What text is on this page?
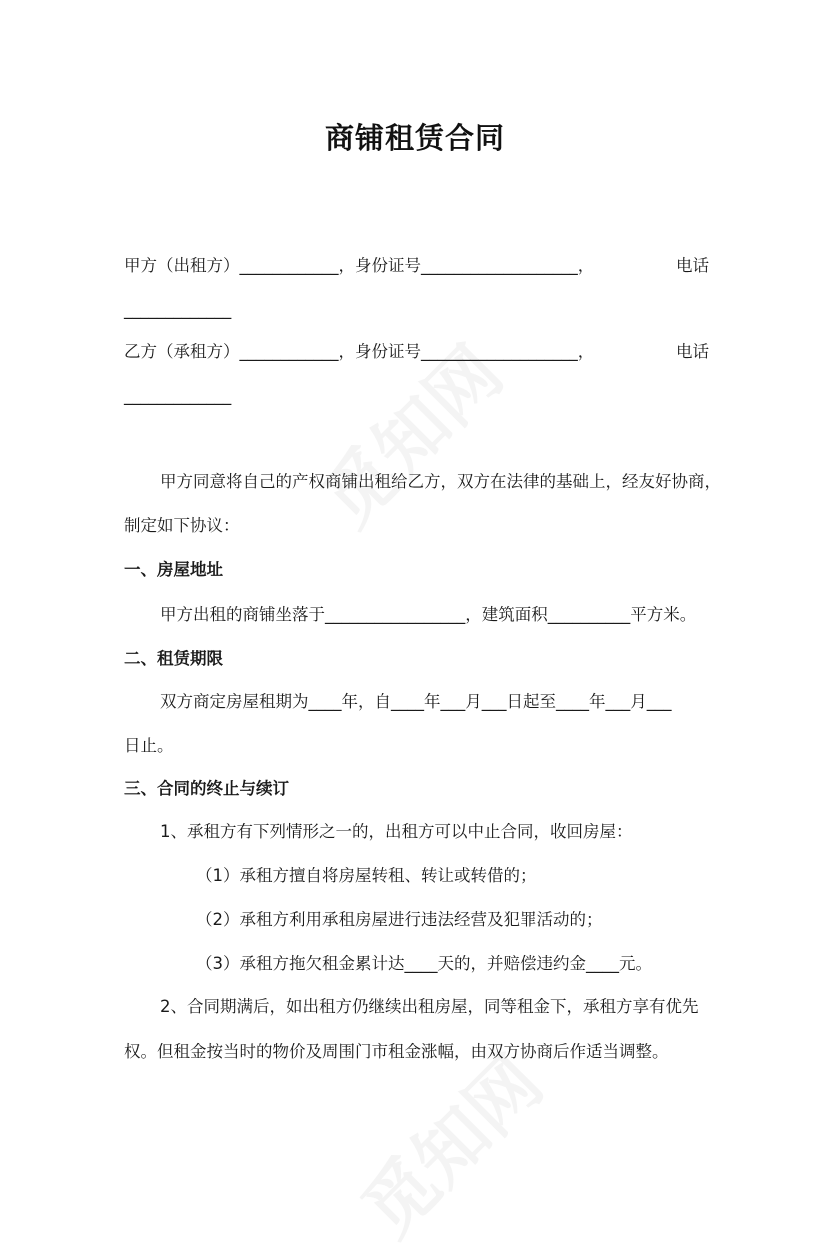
商铺租赁合同
甲方（出租方）____________，身份证号___________________，	电话
_____________
乙方（承租方）____________，身份证号___________________，	电话
_____________
甲方同意将自己的产权商铺出租给乙方，双方在法律的基础上，经友好协商，
制定如下协议：
一、房屋地址
甲方出租的商铺坐落于_________________，建筑面积__________平方米。
二、租赁期限
双方商定房屋租期为____年，自____年___月___日起至____年___月___
日止。
三、合同的终止与续订
1、承租方有下列情形之一的，出租方可以中止合同，收回房屋：
（1）承租方擅自将房屋转租、转让或转借的；
（2）承租方利用承租房屋进行违法经营及犯罪活动的；
（3）承租方拖欠租金累计达____天的，并赔偿违约金____元。
2、合同期满后，如出租方仍继续出租房屋，同等租金下，承租方享有优先
权。但租金按当时的物价及周围门市租金涨幅，由双方协商后作适当调整。
